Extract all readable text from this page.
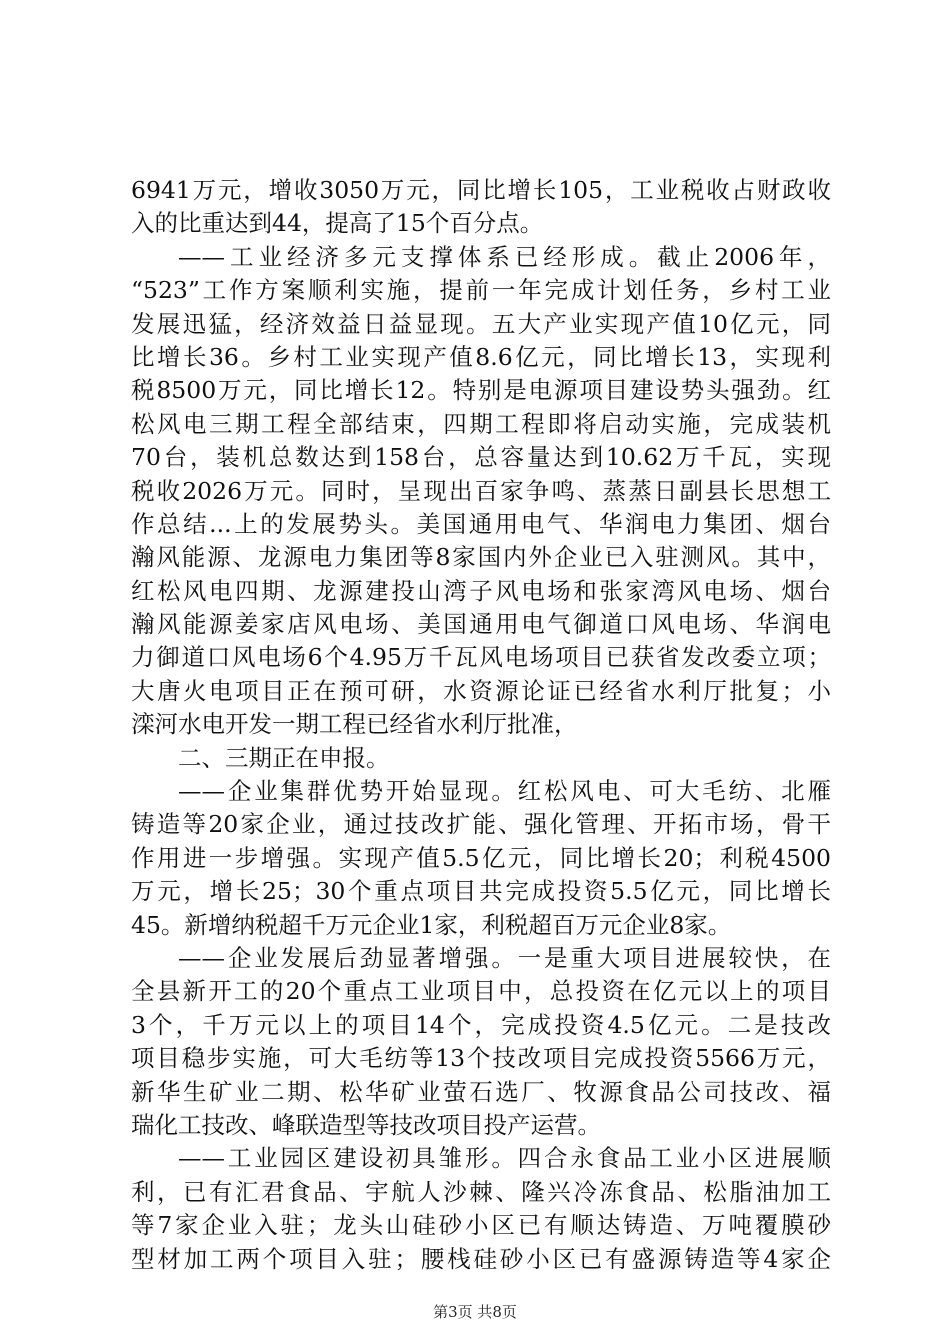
6941万元，增收3050万元，同比增长105，工业税收占财政收
入的比重达到44，提高了15个百分点。
——工业经济多元支撑体系已经形成。截止2006年，
“523”工作方案顺利实施，提前一年完成计划任务，乡村工业
发展迅猛，经济效益日益显现。五大产业实现产值10亿元，同
比增长36。乡村工业实现产值8.6亿元，同比增长13，实现利
税8500万元，同比增长12。特别是电源项目建设势头强劲。红
松风电三期工程全部结束，四期工程即将启动实施，完成装机
70台，装机总数达到158台，总容量达到10.62万千瓦，实现
税收2026万元。同时，呈现出百家争鸣、蒸蒸日副县长思想工
作总结...上的发展势头。美国通用电气、华润电力集团、烟台
瀚风能源、龙源电力集团等8家国内外企业已入驻测风。其中，
红松风电四期、龙源建投山湾子风电场和张家湾风电场、烟台
瀚风能源姜家店风电场、美国通用电气御道口风电场、华润电
力御道口风电场6个4.95万千瓦风电场项目已获省发改委立项；
大唐火电项目正在预可研，水资源论证已经省水利厅批复；小
滦河水电开发一期工程已经省水利厅批准，
二、三期正在申报。
——企业集群优势开始显现。红松风电、可大毛纺、北雁
铸造等20家企业，通过技改扩能、强化管理、开拓市场，骨干
作用进一步增强。实现产值5.5亿元，同比增长20；利税4500
万元，增长25；30个重点项目共完成投资5.5亿元，同比增长
45。新增纳税超千万元企业1家，利税超百万元企业8家。
——企业发展后劲显著增强。一是重大项目进展较快，在
全县新开工的20个重点工业项目中，总投资在亿元以上的项目
3个，千万元以上的项目14个，完成投资4.5亿元。二是技改
项目稳步实施，可大毛纺等13个技改项目完成投资5566万元，
新华生矿业二期、松华矿业萤石选厂、牧源食品公司技改、福
瑞化工技改、峰联造型等技改项目投产运营。
——工业园区建设初具雏形。四合永食品工业小区进展顺
利，已有汇君食品、宇航人沙棘、隆兴冷冻食品、松脂油加工
等7家企业入驻；龙头山硅砂小区已有顺达铸造、万吨覆膜砂
型材加工两个项目入驻；腰栈硅砂小区已有盛源铸造等4家企
第3页 共8页
